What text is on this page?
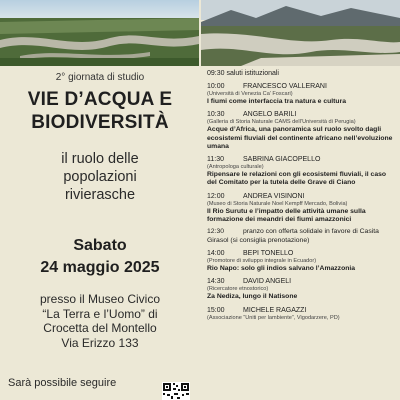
2° giornata di studio
VIE D’ACQUA E
BIODIVERSITÀ
il ruolo delle
popolazioni
rivierasche
Sabato
24 maggio 2025
presso il Museo Civico
“La Terra e l’Uomo” di
Crocetta del Montello
Via Erizzo 133
Sarà possibile seguire
09:30 saluti istituzionali
10:00	FRANCESCO VALLERANI
(Università di Venezia Ca’ Foscari)
I fiumi come interfaccia tra natura e cultura
10:30	ANGELO BARILI
(Galleria di Storia Naturale CAMS dell’Università di Perugia)
Acque d’Africa, una panoramica sul ruolo svolto dagli ecosistemi fluviali del continente africano nell’evoluzione umana
11:30	SABRINA GIACOPELLO
(Antropologa culturale)
Ripensare le relazioni con gli ecosistemi fluviali, il caso del Comitato per la tutela delle Grave di Ciano
12:00	ANDREA VISINONI
(Museo di Storia Naturale Noel Kempff Mercado, Bolivia)
Il Rio Surutu e l’impatto delle attività umane sulla formazione dei meandri dei fiumi amazzonici
12:30	pranzo con offerta solidale in favore di Casita Girasol (si consiglia prenotazione)
14:00	BEPI TONELLO
(Promotore di sviluppo integrale in Ecuador)
Rio Napo: solo gli indios salvano l’Amazzonia
14:30	DAVID ANGELI
(Ricercatore etnostorico)
Za Nediza, lungo il Natisone
15:00	MICHELE RAGAZZI
(Associazione “Uniti per lambiente”, Vigodarzere, PD)
